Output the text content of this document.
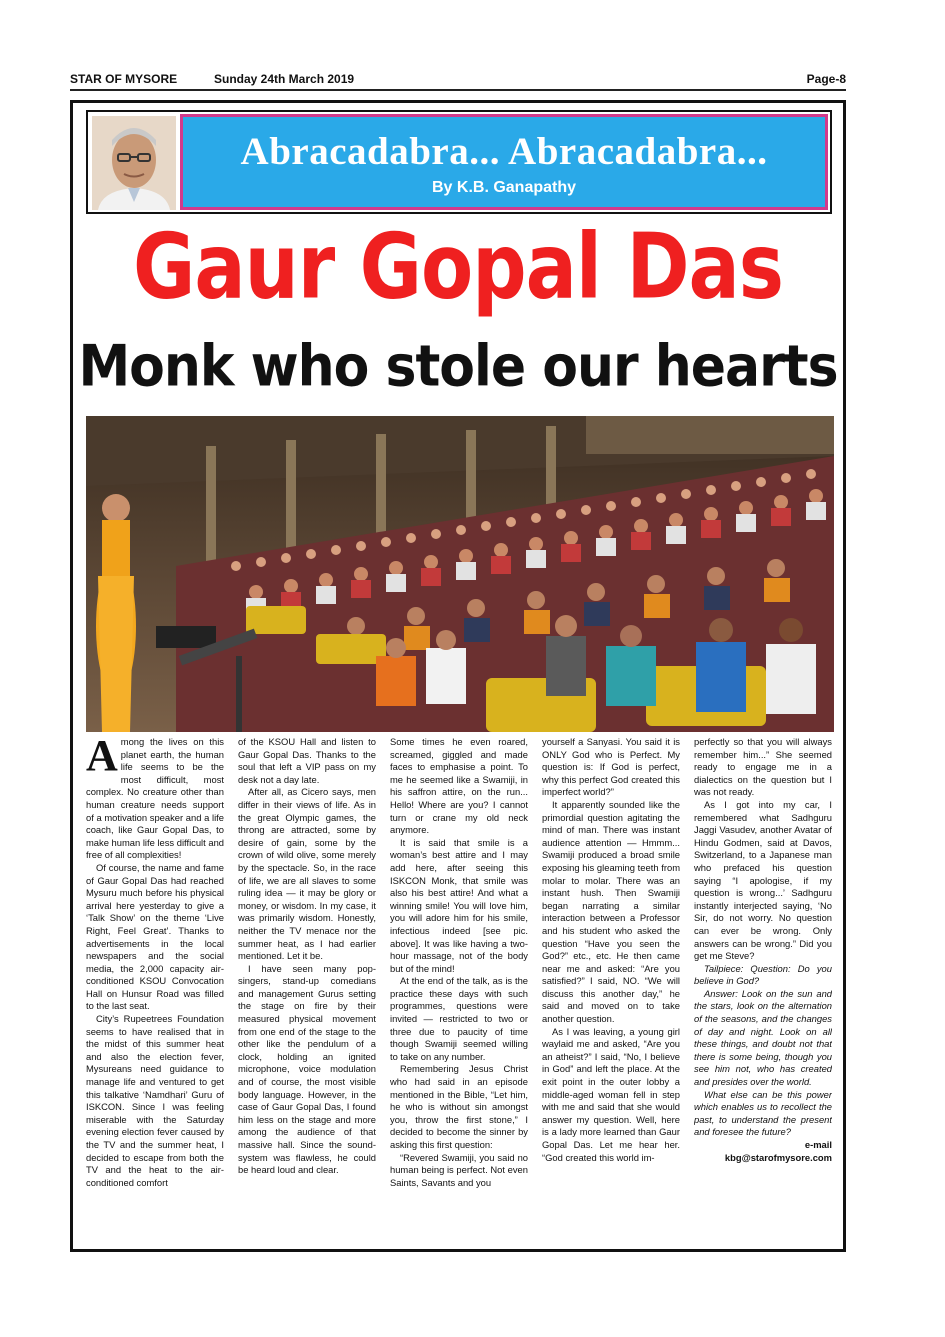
STAR OF MYSORE	Sunday 24th March 2019	Page-8
Abracadabra... Abracadabra...
By K.B. Ganapathy
Gaur Gopal Das
Monk who stole our hearts

Among the lives on this planet earth, the human life seems to be the most difficult, most complex. No creature other than human creature needs support of a motivation speaker and a life coach, like Gaur Gopal Das, to make human life less difficult and free of all complexities!

Of course, the name and fame of Gaur Gopal Das had reached Mysuru much before his physical arrival here yesterday to give a ‘Talk Show’ on the theme ‘Live Right, Feel Great’. Thanks to advertisements in the local newspapers and the social media, the 2,000 capacity air-conditioned KSOU Convocation Hall on Hunsur Road was filled to the last seat.

City’s Rupeetrees Foundation seems to have realised that in the midst of this summer heat and also the election fever, Mysureans need guidance to manage life and ventured to get this talkative ‘Namdhari’ Guru of ISKCON. Since I was feeling miserable with the Saturday evening election fever caused by the TV and the summer heat, I decided to escape from both the TV and the heat to the air-conditioned comfort

of the KSOU Hall and listen to Gaur Gopal Das. Thanks to the soul that left a VIP pass on my desk not a day late.

After all, as Cicero says, men differ in their views of life. As in the great Olympic games, the throng are attracted, some by desire of gain, some by the crown of wild olive, some merely by the spectacle. So, in the race of life, we are all slaves to some ruling idea — it may be glory or money, or wisdom. In my case, it was primarily wisdom. Honestly, neither the TV menace nor the summer heat, as I had earlier mentioned. Let it be.

I have seen many pop-singers, stand-up comedians and management Gurus setting the stage on fire by their measured physical movement from one end of the stage to the other like the pendulum of a clock, holding an ignited microphone, voice modulation and of course, the most visible body language. However, in the case of Gaur Gopal Das, I found him less on the stage and more among the audience of that massive hall. Since the sound-system was flawless, he could be heard loud and clear.

Some times he even roared, screamed, giggled and made faces to emphasise a point. To me he seemed like a Swamiji, in his saffron attire, on the run... Hello! Where are you? I cannot turn or crane my old neck anymore.

It is said that smile is a woman’s best attire and I may add here, after seeing this ISKCON Monk, that smile was also his best attire! And what a winning smile! You will love him, you will adore him for his smile, infectious indeed [see pic. above]. It was like having a two-hour massage, not of the body but of the mind!

At the end of the talk, as is the practice these days with such programmes, questions were invited — restricted to two or three due to paucity of time though Swamiji seemed willing to take on any number.

Remembering Jesus Christ who had said in an episode mentioned in the Bible, “Let him, he who is without sin amongst you, throw the first stone,” I decided to become the sinner by asking this first question:

“Revered Swamiji, you said no human being is perfect. Not even Saints, Savants and you

yourself a Sanyasi. You said it is ONLY God who is Perfect. My question is: If God is perfect, why this perfect God created this imperfect world?”

It apparently sounded like the primordial question agitating the mind of man. There was instant audience attention — Hmmm... Swamiji produced a broad smile exposing his gleaming teeth from molar to molar. There was an instant hush. Then Swamiji began narrating a similar interaction between a Professor and his student who asked the question “Have you seen the God?” etc., etc. He then came near me and asked: “Are you satisfied?” I said, NO. “We will discuss this another day,” he said and moved on to take another question.

As I was leaving, a young girl waylaid me and asked, “Are you an atheist?” I said, “No, I believe in God” and left the place. At the exit point in the outer lobby a middle-aged woman fell in step with me and said that she would answer my question. Well, here is a lady more learned than Gaur Gopal Das. Let me hear her. “God created this world im-

perfectly so that you will always remember him...” She seemed ready to engage me in a dialectics on the question but I was not ready.

As I got into my car, I remembered what Sadhguru Jaggi Vasudev, another Avatar of Hindu Godmen, said at Davos, Switzerland, to a Japanese man who prefaced his question saying “I apologise, if my question is wrong...’ Sadhguru instantly interjected saying, ‘No Sir, do not worry. No question can ever be wrong. Only answers can be wrong.” Did you get me Steve?

Tailpiece: Question: Do you believe in God?

Answer: Look on the sun and the stars, look on the alternation of the seasons, and the changes of day and night. Look on all these things, and doubt not that there is some being, though you see him not, who has created and presides over the world.

What else can be this power which enables us to recollect the past, to understand the present and foresee the future?

e-mail
kbg@starofmysore.com
